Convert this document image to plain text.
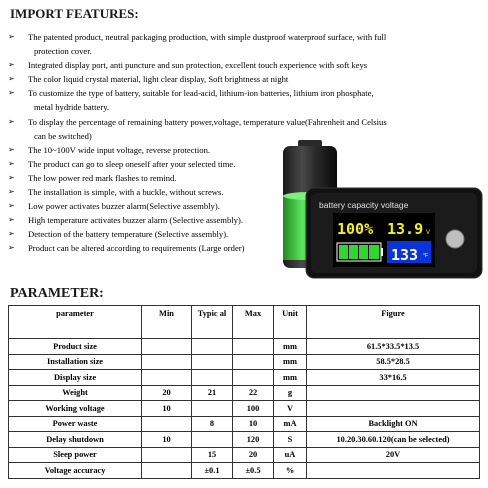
IMPORT FEATURES:
➢ The patented product, neutral packaging production, with simple dustproof waterproof surface, with full
protection cover.
➢ Integrated display port, anti puncture and sun protection, excellent touch experience with soft keys
➢ The color liquid crystal material, light clear display, Soft brightness at night
➢ To customize the type of battery, suitable for lead-acid, lithium-ion batteries, lithium iron phosphate,
metal hydride battery.
➢ To display the percentage of remaining battery power,voltage, temperature value(Fahrenheit and Celsius
can be switched)
➢ The 10~100V wide input voltage, reverse protection.
➢ The product can go to sleep oneself after your selected time.
➢ The low power red mark flashes to remind.
➢ The installation is simple, with a buckle, without screws.
➢ Low power activates buzzer alarm(Selective assembly).
➢ High temperature activates buzzer alarm (Selective assembly).
➢ Detection of the battery temperature (Selective assembly).
➢ Product can be altered according to requirements (Large order)
battery capacity voltage
100% 13.9 V
133 °F
PARAMETER:
parameter	Min	Typic al	Max	Unit	Figure
Product size				mm	61.5*33.5*13.5
Installation size				mm	58.5*28.5
Display size				mm	33*16.5
Weight	20	21	22	g	
Working voltage	10		100	V	
Power waste		8	10	mA	Backlight ON
Delay shutdown	10		120	S	10.20.30.60.120(can be selected)
Sleep power		15	20	uA	20V
Voltage accuracy		±0.1	±0.5	%	
